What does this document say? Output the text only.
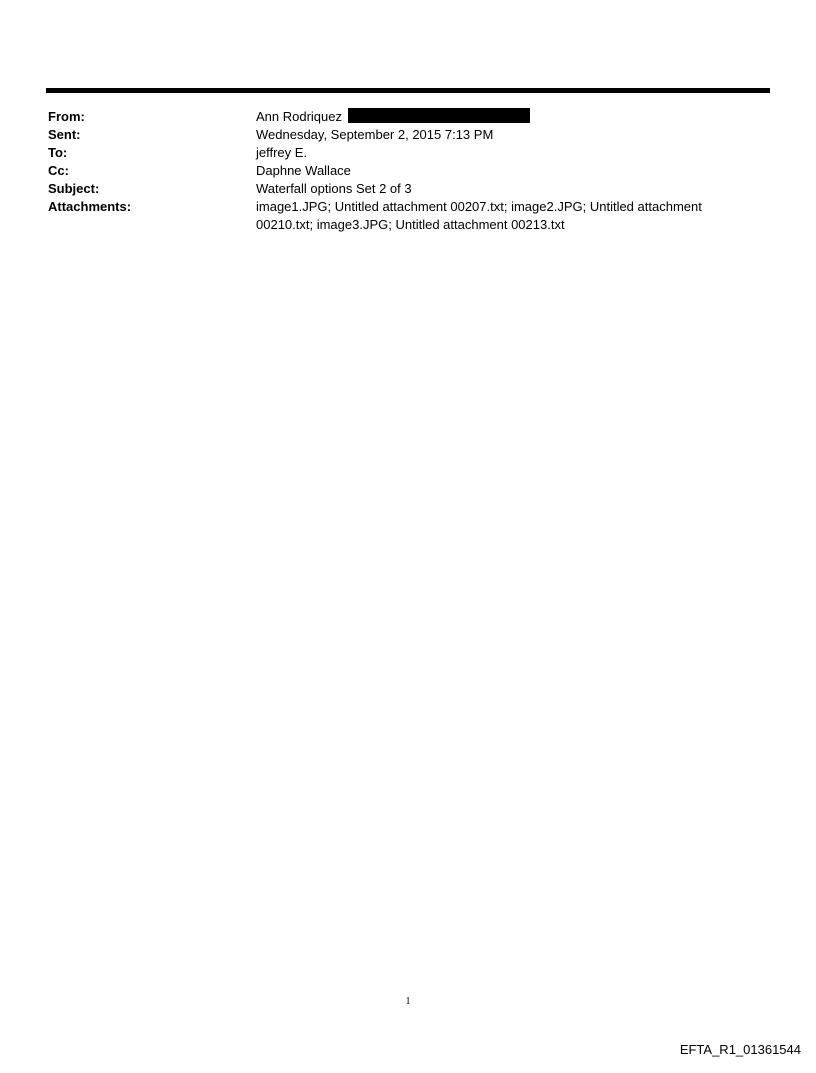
From:	Ann Rodriquez
Sent:	Wednesday, September 2, 2015 7:13 PM
To:	jeffrey E.
Cc:	Daphne Wallace
Subject:	Waterfall options Set 2 of 3
Attachments:	image1.JPG; Untitled attachment 00207.txt; image2.JPG; Untitled attachment 00210.txt; image3.JPG; Untitled attachment 00213.txt
1
EFTA_R1_01361544
